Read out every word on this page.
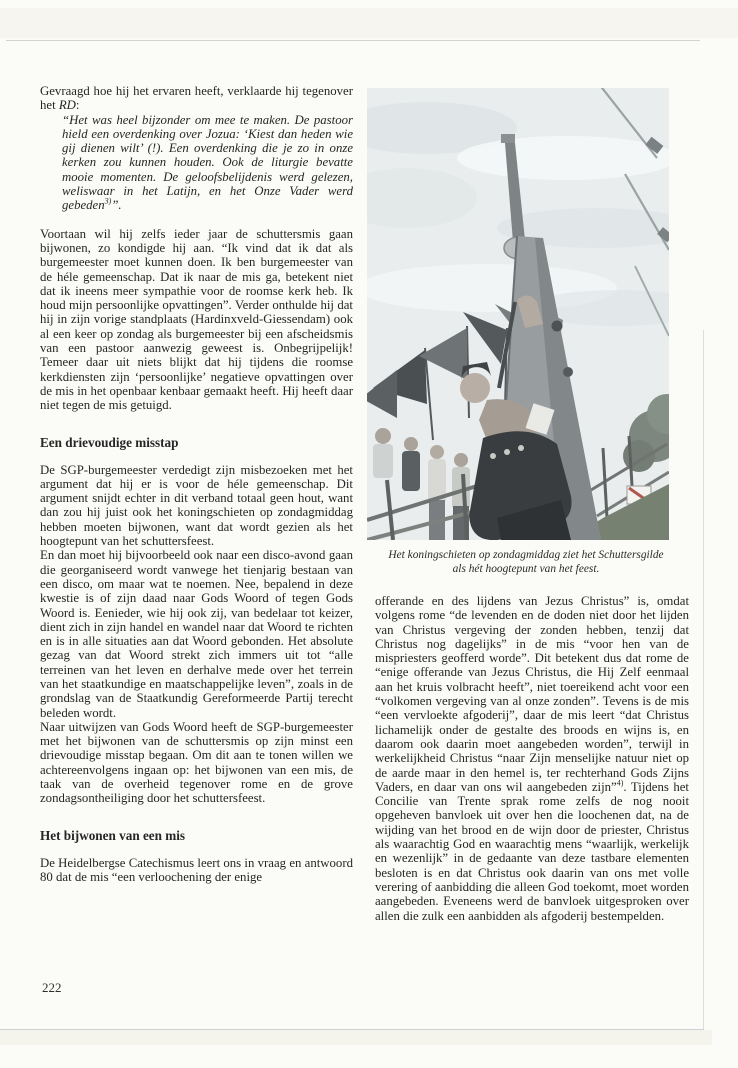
Gevraagd hoe hij het ervaren heeft, verklaarde hij tegenover het RD:

“Het was heel bijzonder om mee te maken. De pastoor hield een overdenking over Jozua: ‘Kiest dan heden wie gij dienen wilt’ (!). Een overdenking die je zo in onze kerken zou kunnen houden. Ook de liturgie bevatte mooie momenten. De geloofsbelijdenis werd gelezen, weliswaar in het Latijn, en het Onze Vader werd gebeden$^{3)}$”.

Voortaan wil hij zelfs ieder jaar de schuttersmis gaan bijwonen, zo kondigde hij aan. “Ik vind dat ik dat als burgemeester moet kunnen doen. Ik ben burgemeester van de héle gemeenschap. Dat ik naar de mis ga, betekent niet dat ik ineens meer sympathie voor de roomse kerk heb. Ik houd mijn persoonlijke opvattingen”. Verder onthulde hij dat hij in zijn vorige standplaats (Hardinxveld-Giessendam) ook al een keer op zondag als burgemeester bij een afscheidsmis van een pastoor aanwezig geweest is. Onbegrijpelijk! Temeer daar uit niets blijkt dat hij tijdens die roomse kerkdiensten zijn ‘persoonlijke’ negatieve opvattingen over de mis in het openbaar kenbaar gemaakt heeft. Hij heeft daar niet tegen de mis getuigd.

Een drievoudige misstap

De SGP-burgemeester verdedigt zijn misbezoeken met het argument dat hij er is voor de héle gemeenschap. Dit argument snijdt echter in dit verband totaal geen hout, want dan zou hij juist ook het koningschieten op zondagmiddag hebben moeten bijwonen, want dat wordt gezien als het hoogtepunt van het schuttersfeest.

En dan moet hij bijvoorbeeld ook naar een disco-avond gaan die georganiseerd wordt vanwege het tienjarig bestaan van een disco, om maar wat te noemen. Nee, bepalend in deze kwestie is of zijn daad naar Gods Woord of tegen Gods Woord is. Eenieder, wie hij ook zij, van bedelaar tot keizer, dient zich in zijn handel en wandel naar dat Woord te richten en is in alle situaties aan dat Woord gebonden. Het absolute gezag van dat Woord strekt zich immers uit tot “alle terreinen van het leven en derhalve mede over het terrein van het staatkundige en maatschappelijke leven”, zoals in de grondslag van de Staatkundig Gereformeerde Partij terecht beleden wordt.

Naar uitwijzen van Gods Woord heeft de SGP-burgemeester met het bijwonen van de schuttersmis op zijn minst een drievoudige misstap begaan. Om dit aan te tonen willen we achtereenvolgens ingaan op: het bijwonen van een mis, de taak van de overheid tegenover rome en de grove zondagsontheiliging door het schuttersfeest.

Het bijwonen van een mis

De Heidelbergse Catechismus leert ons in vraag en antwoord 80 dat de mis “een verloochening der enige

Het koningschieten op zondagmiddag ziet het Schuttersgilde
als hét hoogtepunt van het feest.

offerande en des lijdens van Jezus Christus” is, omdat volgens rome “de levenden en de doden niet door het lijden van Christus vergeving der zonden hebben, tenzij dat Christus nog dagelijks” in de mis “voor hen van de mispriesters geofferd worde”. Dit betekent dus dat rome de “enige offerande van Jezus Christus, die Hij Zelf eenmaal aan het kruis volbracht heeft”, niet toereikend acht voor een “volkomen vergeving van al onze zonden”. Tevens is de mis “een vervloekte afgoderij”, daar de mis leert “dat Christus lichamelijk onder de gestalte des broods en wijns is, en daarom ook daarin moet aangebeden worden”, terwijl in werkelijkheid Christus “naar Zijn menselijke natuur niet op de aarde maar in den hemel is, ter rechterhand Gods Zijns Vaders, en daar van ons wil aangebeden zijn”$^{4)}$. Tijdens het Concilie van Trente sprak rome zelfs de nog nooit opgeheven banvloek uit over hen die loochenen dat, na de wijding van het brood en de wijn door de priester, Christus als waarachtig God en waarachtig mens “waarlijk, werkelijk en wezenlijk” in de gedaante van deze tastbare elementen besloten is en dat Christus ook daarin van ons met volle verering of aanbidding die alleen God toekomt, moet worden aangebeden. Eveneens werd de banvloek uitgesproken over allen die zulk een aanbidden als afgoderij bestempelden.

222
